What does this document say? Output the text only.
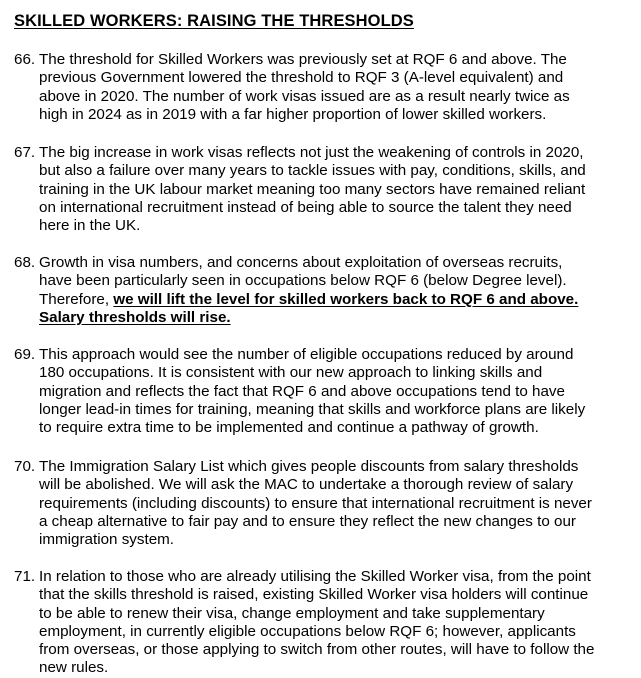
SKILLED WORKERS: RAISING THE THRESHOLDS
66. The threshold for Skilled Workers was previously set at RQF 6 and above. The
previous Government lowered the threshold to RQF 3 (A-level equivalent) and
above in 2020. The number of work visas issued are as a result nearly twice as
high in 2024 as in 2019 with a far higher proportion of lower skilled workers.
67. The big increase in work visas reflects not just the weakening of controls in 2020,
but also a failure over many years to tackle issues with pay, conditions, skills, and
training in the UK labour market meaning too many sectors have remained reliant
on international recruitment instead of being able to source the talent they need
here in the UK.
68. Growth in visa numbers, and concerns about exploitation of overseas recruits,
have been particularly seen in occupations below RQF 6 (below Degree level).
Therefore, we will lift the level for skilled workers back to RQF 6 and above.
Salary thresholds will rise.
69. This approach would see the number of eligible occupations reduced by around
180 occupations. It is consistent with our new approach to linking skills and
migration and reflects the fact that RQF 6 and above occupations tend to have
longer lead-in times for training, meaning that skills and workforce plans are likely
to require extra time to be implemented and continue a pathway of growth.
70. The Immigration Salary List which gives people discounts from salary thresholds
will be abolished. We will ask the MAC to undertake a thorough review of salary
requirements (including discounts) to ensure that international recruitment is never
a cheap alternative to fair pay and to ensure they reflect the new changes to our
immigration system.
71. In relation to those who are already utilising the Skilled Worker visa, from the point
that the skills threshold is raised, existing Skilled Worker visa holders will continue
to be able to renew their visa, change employment and take supplementary
employment, in currently eligible occupations below RQF 6; however, applicants
from overseas, or those applying to switch from other routes, will have to follow the
new rules.
